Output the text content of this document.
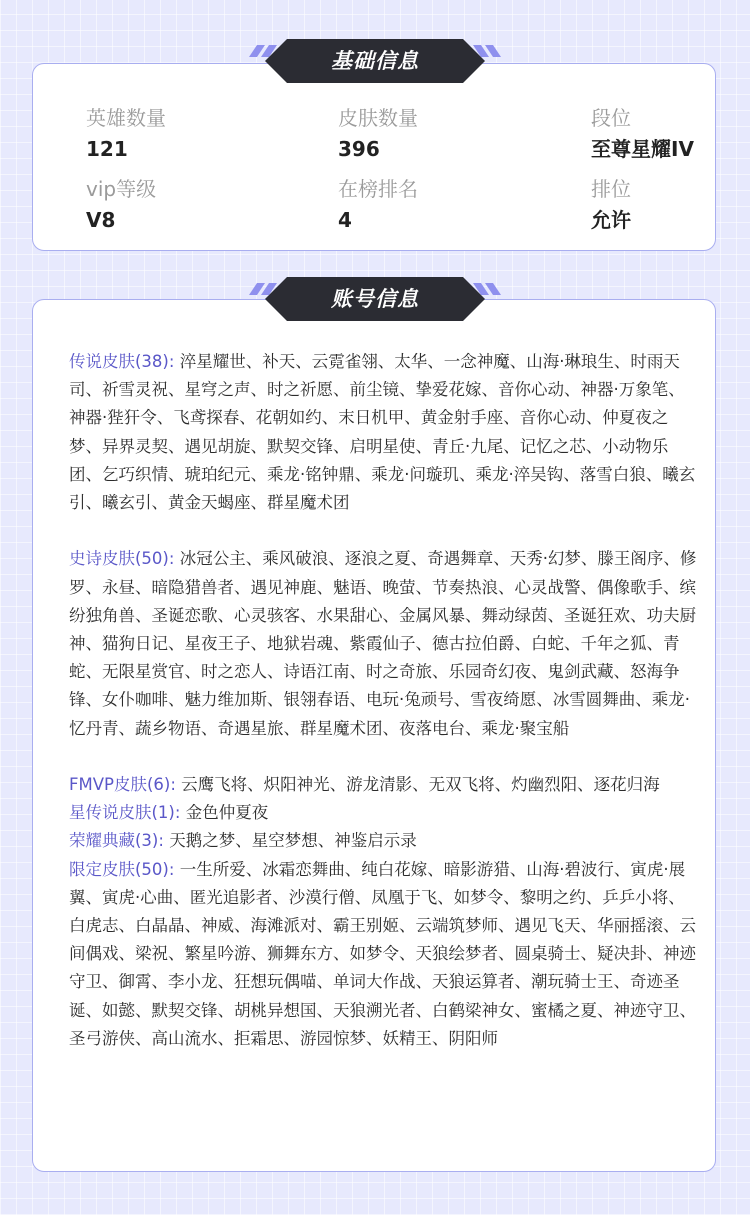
英雄数量
121
皮肤数量
396
段位
至尊星耀IV
vip等级
V8
在榜排名
4
排位
允许
基础信息

传说皮肤(38): 淬星耀世、补天、云霓雀翎、太华、一念神魔、山海·琳琅生、时雨天司、祈雪灵祝、星穹之声、时之祈愿、前尘镜、挚爱花嫁、音你心动、神器·万象笔、神器·狴犴令、飞鸢探春、花朝如约、末日机甲、黄金射手座、音你心动、仲夏夜之梦、异界灵契、遇见胡旋、默契交锋、启明星使、青丘·九尾、记忆之芯、小动物乐团、乞巧织情、琥珀纪元、乘龙·铭钟鼎、乘龙·问璇玑、乘龙·淬吴钩、落雪白狼、曦玄引、曦玄引、黄金天蝎座、群星魔术团

史诗皮肤(50): 冰冠公主、乘风破浪、逐浪之夏、奇遇舞章、天秀·幻梦、滕王阁序、修罗、永昼、暗隐猎兽者、遇见神鹿、魅语、晚萤、节奏热浪、心灵战警、偶像歌手、缤纷独角兽、圣诞恋歌、心灵骇客、水果甜心、金属风暴、舞动绿茵、圣诞狂欢、功夫厨神、猫狗日记、星夜王子、地狱岩魂、紫霞仙子、德古拉伯爵、白蛇、千年之狐、青蛇、无限星赏官、时之恋人、诗语江南、时之奇旅、乐园奇幻夜、鬼剑武藏、怒海争锋、女仆咖啡、魅力维加斯、银翎春语、电玩·兔顽号、雪夜绮愿、冰雪圆舞曲、乘龙·忆丹青、蔬乡物语、奇遇星旅、群星魔术团、夜落电台、乘龙·聚宝船

FMVP皮肤(6): 云鹰飞将、炽阳神光、游龙清影、无双飞将、灼幽烈阳、逐花归海

星传说皮肤(1): 金色仲夏夜

荣耀典藏(3): 天鹅之梦、星空梦想、神鉴启示录

限定皮肤(50): 一生所爱、冰霜恋舞曲、纯白花嫁、暗影游猎、山海·碧波行、寅虎·展翼、寅虎·心曲、匿光追影者、沙漠行僧、凤凰于飞、如梦令、黎明之约、乒乒小将、白虎志、白晶晶、神威、海滩派对、霸王别姬、云端筑梦师、遇见飞天、华丽摇滚、云间偶戏、梁祝、繁星吟游、狮舞东方、如梦令、天狼绘梦者、圆桌骑士、疑决卦、神迹守卫、御霄、李小龙、狂想玩偶喵、单词大作战、天狼运算者、潮玩骑士王、奇迹圣诞、如懿、默契交锋、胡桃异想国、天狼溯光者、白鹤梁神女、蜜橘之夏、神迹守卫、圣弓游侠、高山流水、拒霜思、游园惊梦、妖精王、阴阳师

账号信息
